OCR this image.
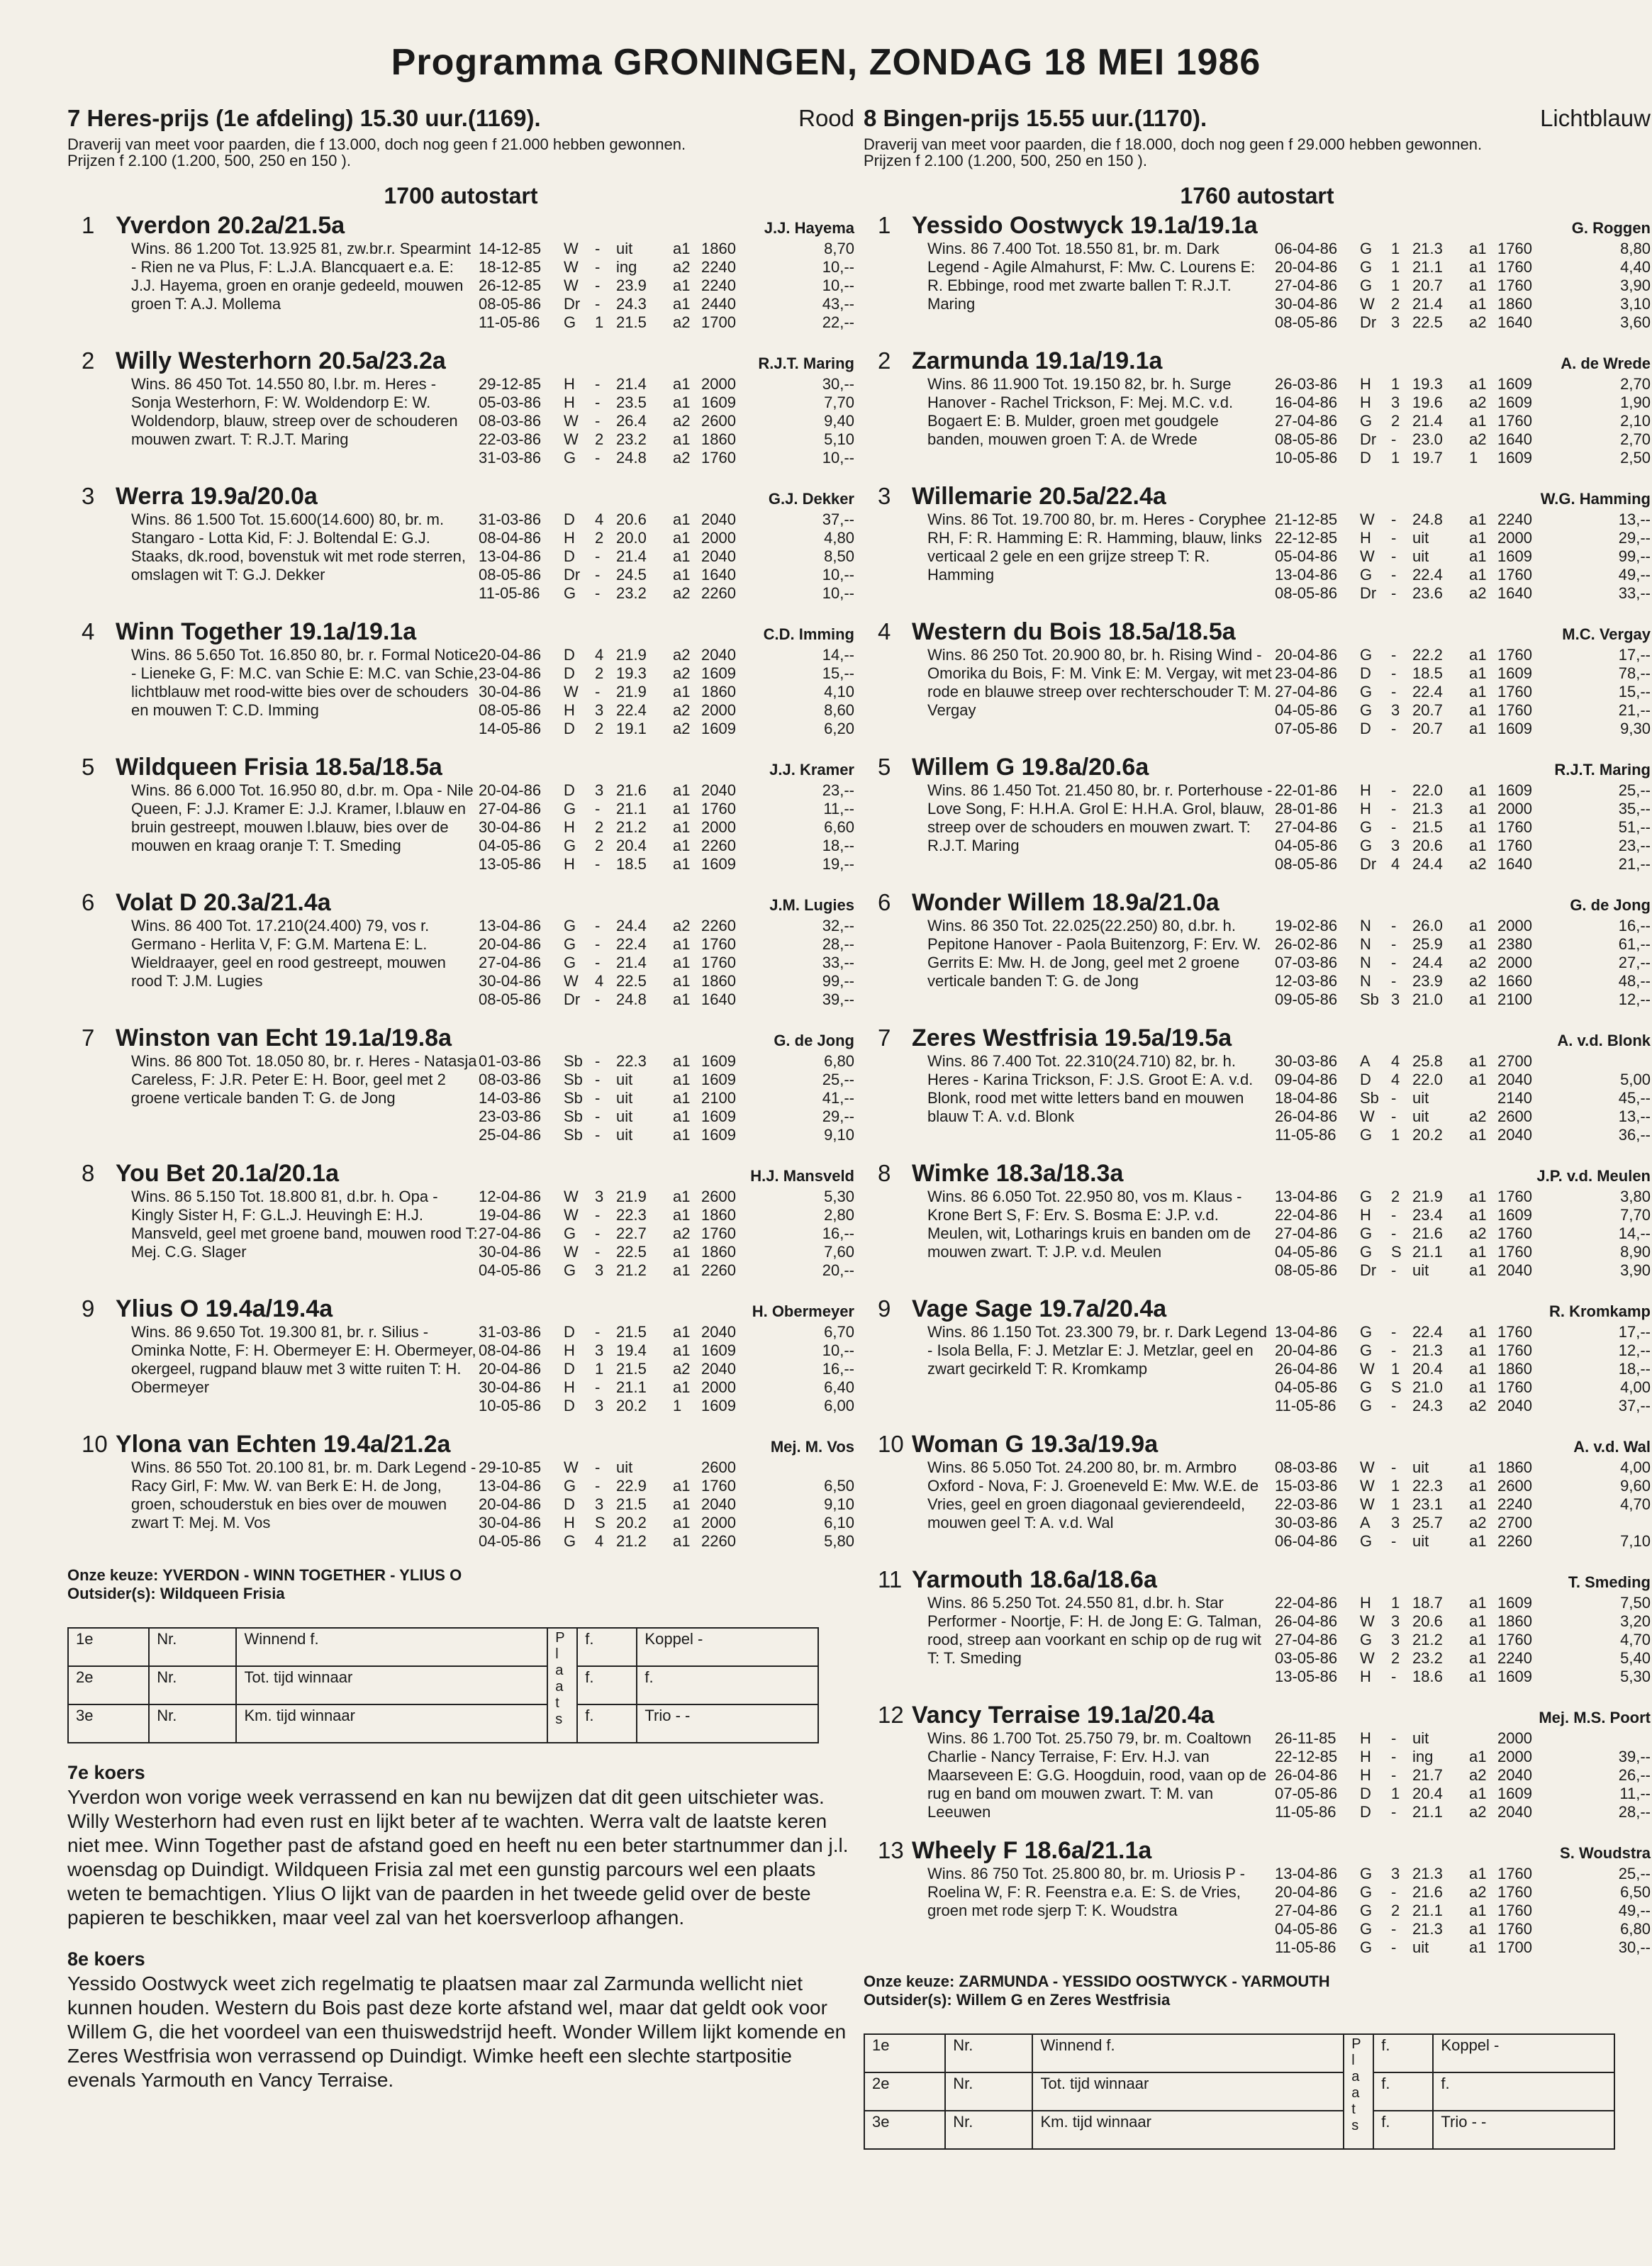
Programma GRONINGEN, ZONDAG 18 MEI 1986
7 Heres-prijs (1e afdeling) 15.30 uur.(1169).	Rood
Draverij van meet voor paarden, die f 13.000, doch nog geen f 21.000 hebben gewonnen.
Prijzen f 2.100 (1.200, 500, 250 en 150 ).
1700 autostart
1 Yverdon 20.2a/21.5a	J.J. Hayema
Wins. 86 1.200 Tot. 13.925 81, zw.br.r. Spearmint - Rien ne va Plus, F: L.J.A. Blancquaert e.a. E: J.J. Hayema, groen en oranje gedeeld, mouwen groen T: A.J. Mollema
14-12-85	W	-	uit	a1 1860	8,70
18-12-85	W	-	ing	a2 2240	10,--
26-12-85	W	-	23.9	a1 2240	10,--
08-05-86	Dr -	24.3	a1 2440	43,--
11-05-86	G	1 21.5	a2 1700	22,--
2 Willy Westerhorn 20.5a/23.2a	R.J.T. Maring
Wins. 86 450 Tot. 14.550 80, l.br. m. Heres - Sonja Westerhorn, F: W. Woldendorp E: W. Woldendorp, blauw, streep over de schouderen mouwen zwart. T: R.J.T. Maring
29-12-85	H	-	21.4	a1 2000	30,--
05-03-86	H	-	23.5	a1 1609	7,70
08-03-86	W	-	26.4	a2 2600	9,40
22-03-86	W	2 23.2	a1 1860	5,10
31-03-86	G	-	24.8	a2 1760	10,--
3 Werra 19.9a/20.0a	G.J. Dekker
Wins. 86 1.500 Tot. 15.600(14.600) 80, br. m. Stangaro - Lotta Kid, F: J. Boltendal E: G.J. Staaks, dk.rood, bovenstuk wit met rode sterren, omslagen wit T: G.J. Dekker
31-03-86	D	4 20.6	a1 2040	37,--
08-04-86	H	2 20.0	a1 2000	4,80
13-04-86	D	-	21.4	a1 2040	8,50
08-05-86	Dr -	24.5	a1 1640	10,--
11-05-86	G	-	23.2	a2 2260	10,--
4 Winn Together 19.1a/19.1a	C.D. Imming
Wins. 86 5.650 Tot. 16.850 80, br. r. Formal Notice - Lieneke G, F: M.C. van Schie E: M.C. van Schie, lichtblauw met rood-witte bies over de schouders en mouwen T: C.D. Imming
20-04-86	D	4 21.9	a2 2040	14,--
23-04-86	D	2 19.3	a2 1609	15,--
30-04-86	W	-	21.9	a1 1860	4,10
08-05-86	H	3 22.4	a2 2000	8,60
14-05-86	D	2 19.1	a2 1609	6,20
5 Wildqueen Frisia 18.5a/18.5a	J.J. Kramer
Wins. 86 6.000 Tot. 16.950 80, d.br. m. Opa - Nile Queen, F: J.J. Kramer E: J.J. Kramer, l.blauw en bruin gestreept, mouwen l.blauw, bies over de mouwen en kraag oranje T: T. Smeding
20-04-86	D	3 21.6	a1 2040	23,--
27-04-86	G	-	21.1	a1 1760	11,--
30-04-86	H	2 21.2	a1 2000	6,60
04-05-86	G	2 20.4	a1 2260	18,--
13-05-86	H	-	18.5	a1 1609	19,--
6 Volat D 20.3a/21.4a	J.M. Lugies
Wins. 86 400 Tot. 17.210(24.400) 79, vos r. Germano - Herlita V, F: G.M. Martena E: L. Wieldraayer, geel en rood gestreept, mouwen rood T: J.M. Lugies
13-04-86	G	-	24.4	a2 2260	32,--
20-04-86	G	-	22.4	a1 1760	28,--
27-04-86	G	-	21.4	a1 1760	33,--
30-04-86	W	4 22.5	a1 1860	99,--
08-05-86	Dr -	24.8	a1 1640	39,--
7 Winston van Echt 19.1a/19.8a	G. de Jong
Wins. 86 800 Tot. 18.050 80, br. r. Heres - Natasja Careless, F: J.R. Peter E: H. Boor, geel met 2 groene verticale banden T: G. de Jong
01-03-86	Sb -	22.3	a1 1609	6,80
08-03-86	Sb -	uit	a1 1609	25,--
14-03-86	Sb -	uit	a1 2100	41,--
23-03-86	Sb -	uit	a1 1609	29,--
25-04-86	Sb -	uit	a1 1609	9,10
8 You Bet 20.1a/20.1a	H.J. Mansveld
Wins. 86 5.150 Tot. 18.800 81, d.br. h. Opa - Kingly Sister H, F: G.L.J. Heuvingh E: H.J. Mansveld, geel met groene band, mouwen rood T: Mej. C.G. Slager
12-04-86	W	3 21.9	a1 2600	5,30
19-04-86	W	-	22.3	a1 1860	2,80
27-04-86	G	-	22.7	a2 1760	16,--
30-04-86	W	-	22.5	a1 1860	7,60
04-05-86	G	3 21.2	a1 2260	20,--
9 Ylius O 19.4a/19.4a	H. Obermeyer
Wins. 86 9.650 Tot. 19.300 81, br. r. Silius - Ominka Notte, F: H. Obermeyer E: H. Obermeyer, okergeel, rugpand blauw met 3 witte ruiten T: H. Obermeyer
31-03-86	D	-	21.5	a1 2040	6,70
08-04-86	H	3 19.4	a1 1609	10,--
20-04-86	D	1 21.5	a2 2040	16,--
30-04-86	H	-	21.1	a1 2000	6,40
10-05-86	D	3 20.2	1	1609	6,00
10 Ylona van Echten 19.4a/21.2a	Mej. M. Vos
Wins. 86 550 Tot. 20.100 81, br. m. Dark Legend - Racy Girl, F: Mw. W. van Berk E: H. de Jong, groen, schouderstuk en bies over de mouwen zwart T: Mej. M. Vos
29-10-85	W	-	uit	2600
13-04-86	G	-	22.9	a1 1760	6,50
20-04-86	D	3 21.5	a1 2040	9,10
30-04-86	H	S 20.2	a1 2000	6,10
04-05-86	G	4 21.2	a1 2260	5,80
Onze keuze: YVERDON - WINN TOGETHER - YLIUS O
Outsider(s): Wildqueen Frisia
1e	Nr.	Winnend f.	P l a a t s	f.	Koppel -
2e	Nr.	Tot. tijd winnaar		f.	f.
3e	Nr.	Km. tijd winnaar		f.	Trio - -
7e koers

Yverdon won vorige week verrassend en kan nu bewijzen dat dit geen uitschieter was. Willy Westerhorn had even rust en lijkt beter af te wachten. Werra valt de laatste keren niet mee. Winn Together past de afstand goed en heeft nu een beter startnummer dan j.l. woensdag op Duindigt. Wildqueen Frisia zal met een gunstig parcours wel een plaats weten te bemachtigen. Ylius O lijkt van de paarden in het tweede gelid over de beste papieren te beschikken, maar veel zal van het koersverloop afhangen.

8e koers

Yessido Oostwyck weet zich regelmatig te plaatsen maar zal Zarmunda wellicht niet kunnen houden. Western du Bois past deze korte afstand wel, maar dat geldt ook voor Willem G, die het voordeel van een thuiswedstrijd heeft. Wonder Willem lijkt komende en Zeres Westfrisia won verrassend op Duindigt. Wimke heeft een slechte startpositie evenals Yarmouth en Vancy Terraise.

8 Bingen-prijs 15.55 uur.(1170).	Lichtblauw
Draverij van meet voor paarden, die f 18.000, doch nog geen f 29.000 hebben gewonnen.
Prijzen f 2.100 (1.200, 500, 250 en 150 ).
1760 autostart
1 Yessido Oostwyck 19.1a/19.1a	G. Roggen
Wins. 86 7.400 Tot. 18.550 81, br. m. Dark Legend - Agile Almahurst, F: Mw. C. Lourens E: R. Ebbinge, rood met zwarte ballen T: R.J.T. Maring
06-04-86	G	1 21.3	a1 1760	8,80
20-04-86	G	1 21.1	a1 1760	4,40
27-04-86	G	1 20.7	a1 1760	3,90
30-04-86	W	2 21.4	a1 1860	3,10
08-05-86	Dr 3 22.5	a2 1640	3,60
2 Zarmunda 19.1a/19.1a	A. de Wrede
Wins. 86 11.900 Tot. 19.150 82, br. h. Surge Hanover - Rachel Trickson, F: Mej. M.C. v.d. Bogaert E: B. Mulder, groen met goudgele banden, mouwen groen T: A. de Wrede
26-03-86	H	1 19.3	a1 1609	2,70
16-04-86	H	3 19.6	a2 1609	1,90
27-04-86	G	2 21.4	a1 1760	2,10
08-05-86	Dr -	23.0	a2 1640	2,70
10-05-86	D	1 19.7	1	1609	2,50
3 Willemarie 20.5a/22.4a	W.G. Hamming
Wins. 86 Tot. 19.700 80, br. m. Heres - Coryphee RH, F: R. Hamming E: R. Hamming, blauw, links verticaal 2 gele en een grijze streep T: R. Hamming
21-12-85	W	-	24.8	a1 2240	13,--
22-12-85	H	-	uit	a1 2000	29,--
05-04-86	W	-	uit	a1 1609	99,--
13-04-86	G	-	22.4	a1 1760	49,--
08-05-86	Dr -	23.6	a2 1640	33,--
4 Western du Bois 18.5a/18.5a	M.C. Vergay
Wins. 86 250 Tot. 20.900 80, br. h. Rising Wind - Omorika du Bois, F: M. Vink E: M. Vergay, wit met rode en blauwe streep over rechterschouder T: M. Vergay
20-04-86	G	-	22.2	a1 1760	17,--
23-04-86	D	-	18.5	a1 1609	78,--
27-04-86	G	-	22.4	a1 1760	15,--
04-05-86	G	3 20.7	a1 1760	21,--
07-05-86	D	-	20.7	a1 1609	9,30
5 Willem G 19.8a/20.6a	R.J.T. Maring
Wins. 86 1.450 Tot. 21.450 80, br. r. Porterhouse - Love Song, F: H.H.A. Grol E: H.H.A. Grol, blauw, streep over de schouders en mouwen zwart. T: R.J.T. Maring
22-01-86	H	-	22.0	a1 1609	25,--
28-01-86	H	-	21.3	a1 2000	35,--
27-04-86	G	-	21.5	a1 1760	51,--
04-05-86	G	3 20.6	a1 1760	23,--
08-05-86	Dr 4 24.4	a2 1640	21,--
6 Wonder Willem 18.9a/21.0a	G. de Jong
Wins. 86 350 Tot. 22.025(22.250) 80, d.br. h. Pepitone Hanover - Paola Buitenzorg, F: Erv. W. Gerrits E: Mw. H. de Jong, geel met 2 groene verticale banden T: G. de Jong
19-02-86	N	-	26.0	a1 2000	16,--
26-02-86	N	-	25.9	a1 2380	61,--
07-03-86	N	-	24.4	a2 2000	27,--
12-03-86	N	-	23.9	a2 1660	48,--
09-05-86	Sb 3 21.0	a1 2100	12,--
7 Zeres Westfrisia 19.5a/19.5a	A. v.d. Blonk
Wins. 86 7.400 Tot. 22.310(24.710) 82, br. h. Heres - Karina Trickson, F: J.S. Groot E: A. v.d. Blonk, rood met witte letters band en mouwen blauw T: A. v.d. Blonk
30-03-86	A	4 25.8	a1 2700
09-04-86	D	4 22.0	a1 2040	5,00
18-04-86	Sb -	uit	2140	45,--
26-04-86	W	-	uit	a2 2600	13,--
11-05-86	G	1 20.2	a1 2040	36,--
8 Wimke 18.3a/18.3a	J.P. v.d. Meulen
Wins. 86 6.050 Tot. 22.950 80, vos m. Klaus - Krone Bert S, F: Erv. S. Bosma E: J.P. v.d. Meulen, wit, Lotharings kruis en banden om de mouwen zwart. T: J.P. v.d. Meulen
13-04-86	G	2 21.9	a1 1760	3,80
22-04-86	H	-	23.4	a1 1609	7,70
27-04-86	G	-	21.6	a2 1760	14,--
04-05-86	G	S 21.1	a1 1760	8,90
08-05-86	Dr -	uit	a1 2040	3,90
9 Vage Sage 19.7a/20.4a	R. Kromkamp
Wins. 86 1.150 Tot. 23.300 79, br. r. Dark Legend - Isola Bella, F: J. Metzlar E: J. Metzlar, geel en zwart gecirkeld T: R. Kromkamp
13-04-86	G	-	22.4	a1 1760	17,--
20-04-86	G	-	21.3	a1 1760	12,--
26-04-86	W	1 20.4	a1 1860	18,--
04-05-86	G	S 21.0	a1 1760	4,00
11-05-86	G	-	24.3	a2 2040	37,--
10 Woman G 19.3a/19.9a	A. v.d. Wal
Wins. 86 5.050 Tot. 24.200 80, br. m. Armbro Oxford - Nova, F: J. Groeneveld E: Mw. W.E. de Vries, geel en groen diagonaal gevierendeeld, mouwen geel T: A. v.d. Wal
08-03-86	W	-	uit	a1 1860	4,00
15-03-86	W	1 22.3	a1 2600	9,60
22-03-86	W	1 23.1	a1 2240	4,70
30-03-86	A	3 25.7	a2 2700
06-04-86	G	-	uit	a1 2260	7,10
11 Yarmouth 18.6a/18.6a	T. Smeding
Wins. 86 5.250 Tot. 24.550 81, d.br. h. Star Performer - Noortje, F: H. de Jong E: G. Talman, rood, streep aan voorkant en schip op de rug wit T: T. Smeding
22-04-86	H	1 18.7	a1 1609	7,50
26-04-86	W	3 20.6	a1 1860	3,20
27-04-86	G	3 21.2	a1 1760	4,70
03-05-86	W	2 23.2	a1 2240	5,40
13-05-86	H	-	18.6	a1 1609	5,30
12 Vancy Terraise 19.1a/20.4a	Mej. M.S. Poort
Wins. 86 1.700 Tot. 25.750 79, br. m. Coaltown Charlie - Nancy Terraise, F: Erv. H.J. van Maarseveen E: G.G. Hoogduin, rood, vaan op de rug en band om mouwen zwart. T: M. van Leeuwen
26-11-85	H	-	uit	2000
22-12-85	H	-	ing	a1 2000	39,--
26-04-86	H	-	21.7	a2 2040	26,--
07-05-86	D	1 20.4	a1 1609	11,--
11-05-86	D	-	21.1	a2 2040	28,--
13 Wheely F 18.6a/21.1a	S. Woudstra
Wins. 86 750 Tot. 25.800 80, br. m. Uriosis P - Roelina W, F: R. Feenstra e.a. E: S. de Vries, groen met rode sjerp T: K. Woudstra
13-04-86	G	3 21.3	a1 1760	25,--
20-04-86	G	-	21.6	a2 1760	6,50
27-04-86	G	2 21.1	a1 1760	49,--
04-05-86	G	-	21.3	a1 1760	6,80
11-05-86	G	-	uit	a1 1700	30,--
Onze keuze: ZARMUNDA - YESSIDO OOSTWYCK - YARMOUTH
Outsider(s): Willem G en Zeres Westfrisia
1e	Nr.	Winnend f.	P l a a t s	f.	Koppel -
2e	Nr.	Tot. tijd winnaar		f.	f.
3e	Nr.	Km. tijd winnaar		f.	Trio - -
